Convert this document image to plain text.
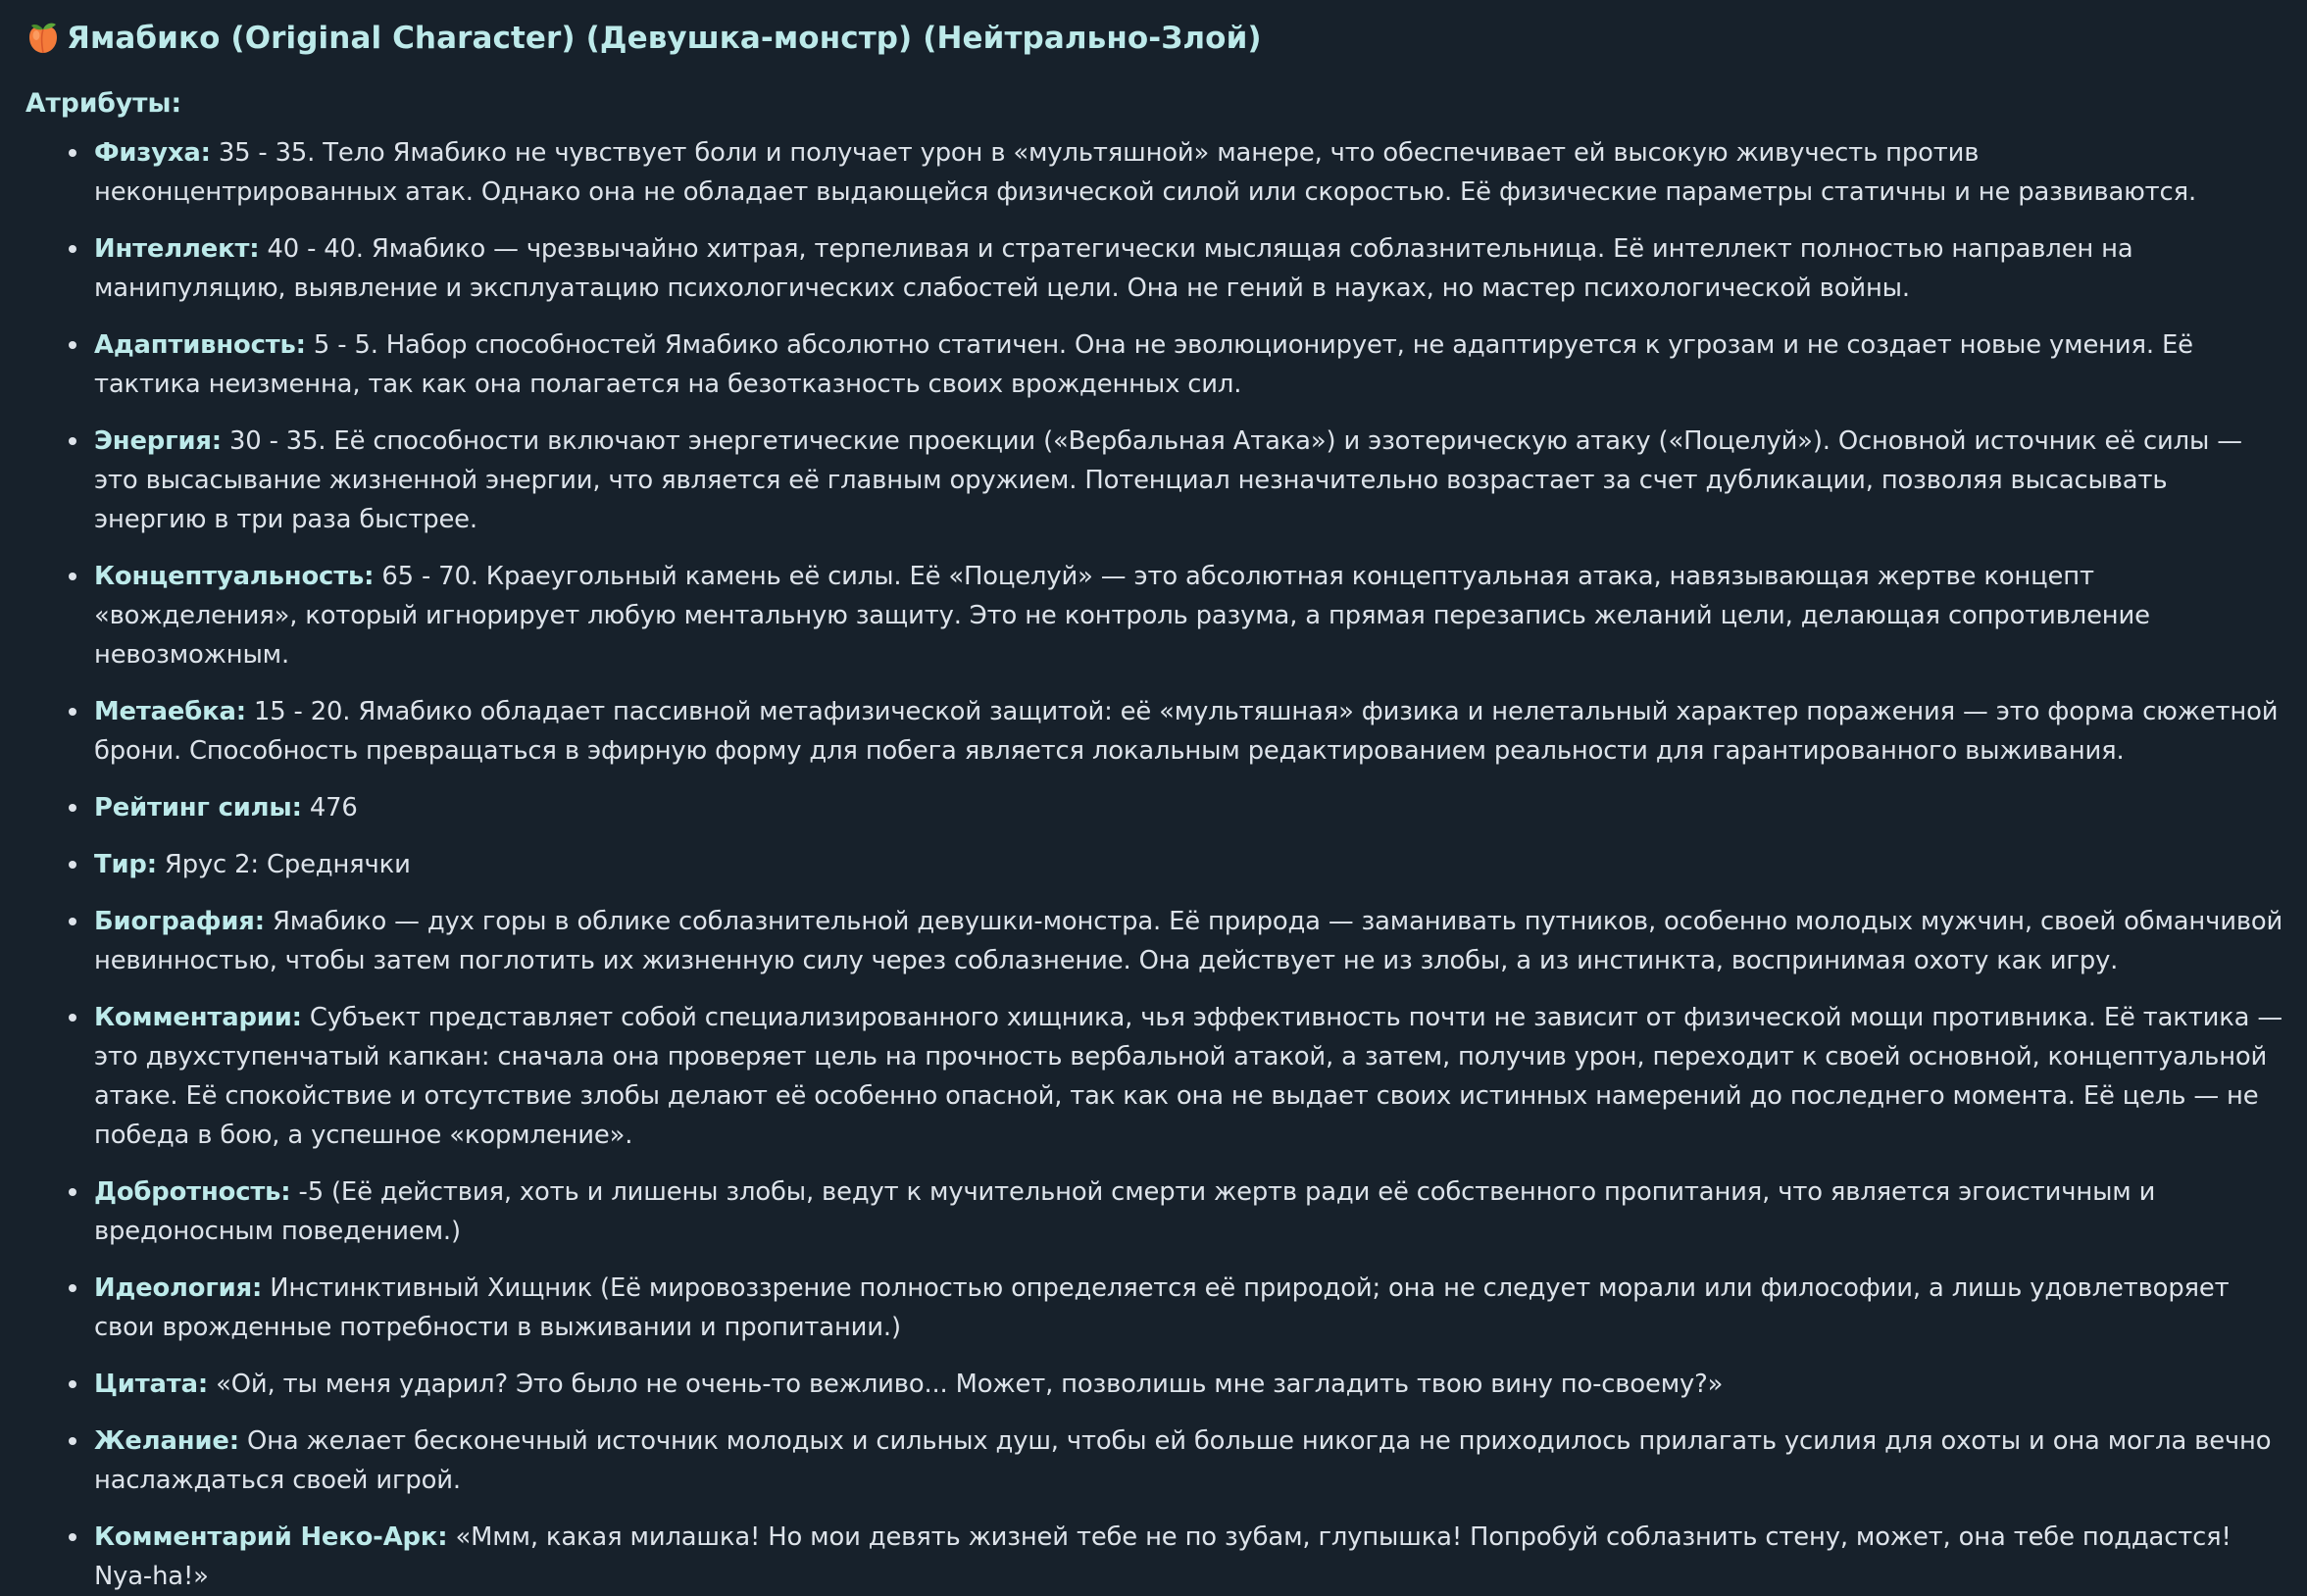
Ямабико (Original Character) (Девушка-монстр) (Нейтрально-Злой)
Атрибуты:
Физуха: 35 - 35. Тело Ямабико не чувствует боли и получает урон в «мультяшной» манере, что обеспечивает ей высокую живучесть против неконцентрированных атак. Однако она не обладает выдающейся физической силой или скоростью. Её физические параметры статичны и не развиваются.
Интеллект: 40 - 40. Ямабико — чрезвычайно хитрая, терпеливая и стратегически мыслящая соблазнительница. Её интеллект полностью направлен на манипуляцию, выявление и эксплуатацию психологических слабостей цели. Она не гений в науках, но мастер психологической войны.
Адаптивность: 5 - 5. Набор способностей Ямабико абсолютно статичен. Она не эволюционирует, не адаптируется к угрозам и не создает новые умения. Её тактика неизменна, так как она полагается на безотказность своих врожденных сил.
Энергия: 30 - 35. Её способности включают энергетические проекции («Вербальная Атака») и эзотерическую атаку («Поцелуй»). Основной источник её силы — это высасывание жизненной энергии, что является её главным оружием. Потенциал незначительно возрастает за счет дубликации, позволяя высасывать энергию в три раза быстрее.
Концептуальность: 65 - 70. Краеугольный камень её силы. Её «Поцелуй» — это абсолютная концептуальная атака, навязывающая жертве концепт «вожделения», который игнорирует любую ментальную защиту. Это не контроль разума, а прямая перезапись желаний цели, делающая сопротивление невозможным.
Метаебка: 15 - 20. Ямабико обладает пассивной метафизической защитой: её «мультяшная» физика и нелетальный характер поражения — это форма сюжетной брони. Способность превращаться в эфирную форму для побега является локальным редактированием реальности для гарантированного выживания.
Рейтинг силы: 476
Тир: Ярус 2: Среднячки
Биография: Ямабико — дух горы в облике соблазнительной девушки-монстра. Её природа — заманивать путников, особенно молодых мужчин, своей обманчивой невинностью, чтобы затем поглотить их жизненную силу через соблазнение. Она действует не из злобы, а из инстинкта, воспринимая охоту как игру.
Комментарии: Субъект представляет собой специализированного хищника, чья эффективность почти не зависит от физической мощи противника. Её тактика — это двухступенчатый капкан: сначала она проверяет цель на прочность вербальной атакой, а затем, получив урон, переходит к своей основной, концептуальной атаке. Её спокойствие и отсутствие злобы делают её особенно опасной, так как она не выдает своих истинных намерений до последнего момента. Её цель — не победа в бою, а успешное «кормление».
Добротность: -5 (Её действия, хоть и лишены злобы, ведут к мучительной смерти жертв ради её собственного пропитания, что является эгоистичным и вредоносным поведением.)
Идеология: Инстинктивный Хищник (Её мировоззрение полностью определяется её природой; она не следует морали или философии, а лишь удовлетворяет свои врожденные потребности в выживании и пропитании.)
Цитата: «Ой, ты меня ударил? Это было не очень-то вежливо... Может, позволишь мне загладить твою вину по-своему?»
Желание: Она желает бесконечный источник молодых и сильных душ, чтобы ей больше никогда не приходилось прилагать усилия для охоты и она могла вечно наслаждаться своей игрой.
Комментарий Неко-Арк: «Ммм, какая милашка! Но мои девять жизней тебе не по зубам, глупышка! Попробуй соблазнить стену, может, она тебе поддастся! Nya-ha!»
